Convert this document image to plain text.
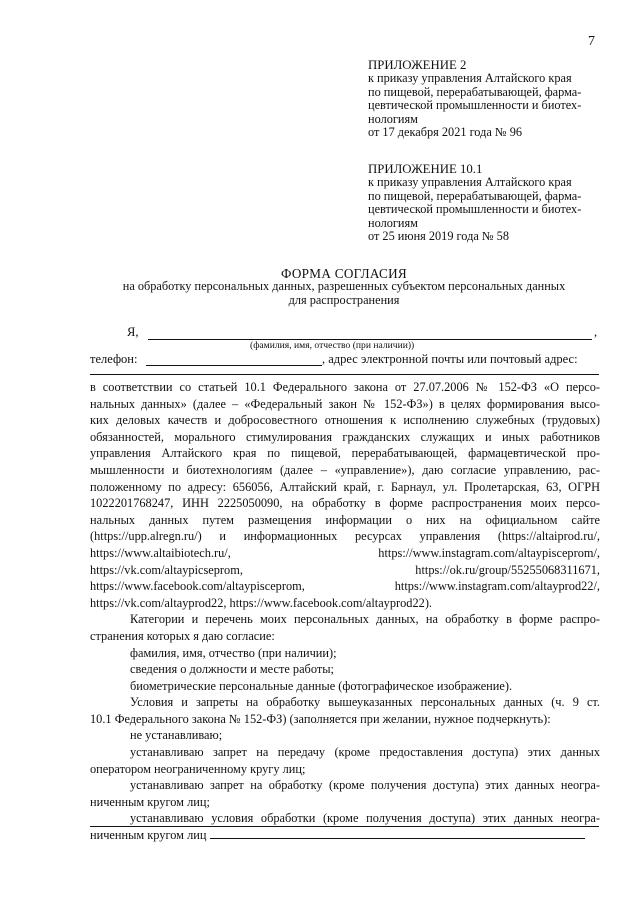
7
ПРИЛОЖЕНИЕ 2
к приказу управления Алтайского края
по пищевой, перерабатывающей, фарма-
цевтической промышленности и биотех-
нологиям
от 17 декабря 2021 года № 96
ПРИЛОЖЕНИЕ 10.1
к приказу управления Алтайского края
по пищевой, перерабатывающей, фарма-
цевтической промышленности и биотех-
нологиям
от 25 июня 2019 года № 58
ФОРМА СОГЛАСИЯ
на обработку персональных данных, разрешенных субъектом персональных данных
для распространения
Я,	,
(фамилия, имя, отчество (при наличии))
телефон:	, адрес электронной почты или почтовый адрес:

в соответствии со статьей 10.1 Федерального закона от 27.07.2006 № 152-ФЗ «О персо-

нальных данных» (далее – «Федеральный закон № 152-ФЗ») в целях формирования высо-

ких деловых качеств и добросовестного отношения к исполнению служебных (трудовых)

обязанностей, морального стимулирования гражданских служащих и иных работников

управления Алтайского края по пищевой, перерабатывающей, фармацевтической про-

мышленности и биотехнологиям (далее – «управление»), даю согласие управлению, рас-

положенному по адресу: 656056, Алтайский край, г. Барнаул, ул. Пролетарская, 63, ОГРН

1022201768247, ИНН 2225050090, на обработку в форме распространения моих персо-

нальных данных путем размещения информации о них на официальном сайте

(https://upp.alregn.ru/) и информационных ресурсах управления (https://altaiprod.ru/,

https://www.altaibiotech.ru/, https://www.instagram.com/altaypisceprom/,

https://vk.com/altaypicseprom, https://ok.ru/group/55255068311671,

https://www.facebook.com/altaypisceprom, https://www.instagram.com/altayprod22/,

https://vk.com/altayprod22, https://www.facebook.com/altayprod22).

Категории и перечень моих персональных данных, на обработку в форме распро-

странения которых я даю согласие:

фамилия, имя, отчество (при наличии);

сведения о должности и месте работы;

биометрические персональные данные (фотографическое изображение).

Условия и запреты на обработку вышеуказанных персональных данных (ч. 9 ст.

10.1 Федерального закона № 152-ФЗ) (заполняется при желании, нужное подчеркнуть):

не устанавливаю;

устанавливаю запрет на передачу (кроме предоставления доступа) этих данных

оператором неограниченному кругу лиц;

устанавливаю запрет на обработку (кроме получения доступа) этих данных неогра-

ниченным кругом лиц;

устанавливаю условия обработки (кроме получения доступа) этих данных неогра-

ниченным кругом лиц
